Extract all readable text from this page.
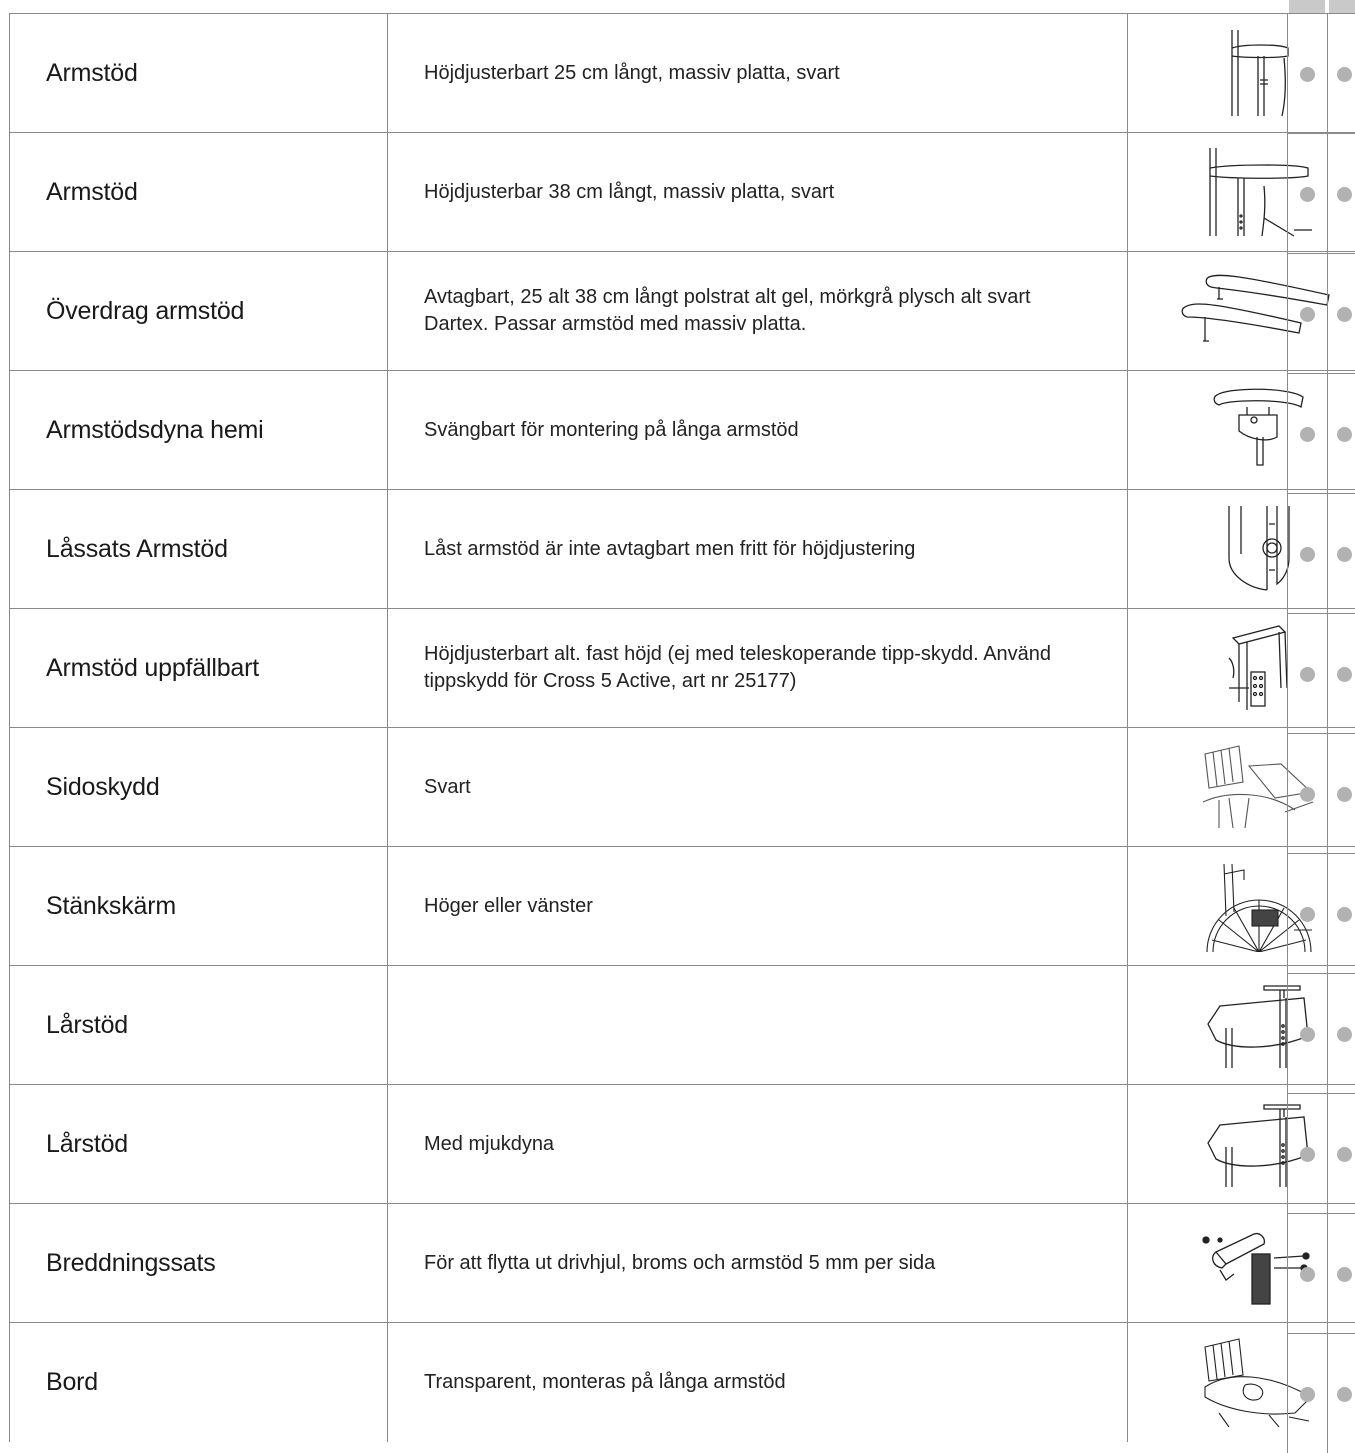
Armstöd	Höjdjusterbart 25 cm långt, massiv platta, svart	
Armstöd	Höjdjusterbar 38 cm långt, massiv platta, svart	
Överdrag armstöd	Avtagbart, 25 alt 38 cm långt polstrat alt gel, mörkgrå plysch alt svart Dartex. Passar armstöd med massiv platta.	
Armstödsdyna hemi	Svängbart för montering på långa armstöd	
Låssats Armstöd	Låst armstöd är inte avtagbart men fritt för höjdjustering	
Armstöd uppfällbart	Höjdjusterbart alt. fast höjd (ej med teleskoperande tipp-skydd. Använd tippskydd för Cross 5 Active, art nr 25177)	
Sidoskydd	Svart	
Stänkskärm	Höger eller vänster	
Lårstöd		
Lårstöd	Med mjukdyna	
Breddningssats	För att flytta ut drivhjul, broms och armstöd 5 mm per sida	
Bord	Transparent, monteras på långa armstöd	
